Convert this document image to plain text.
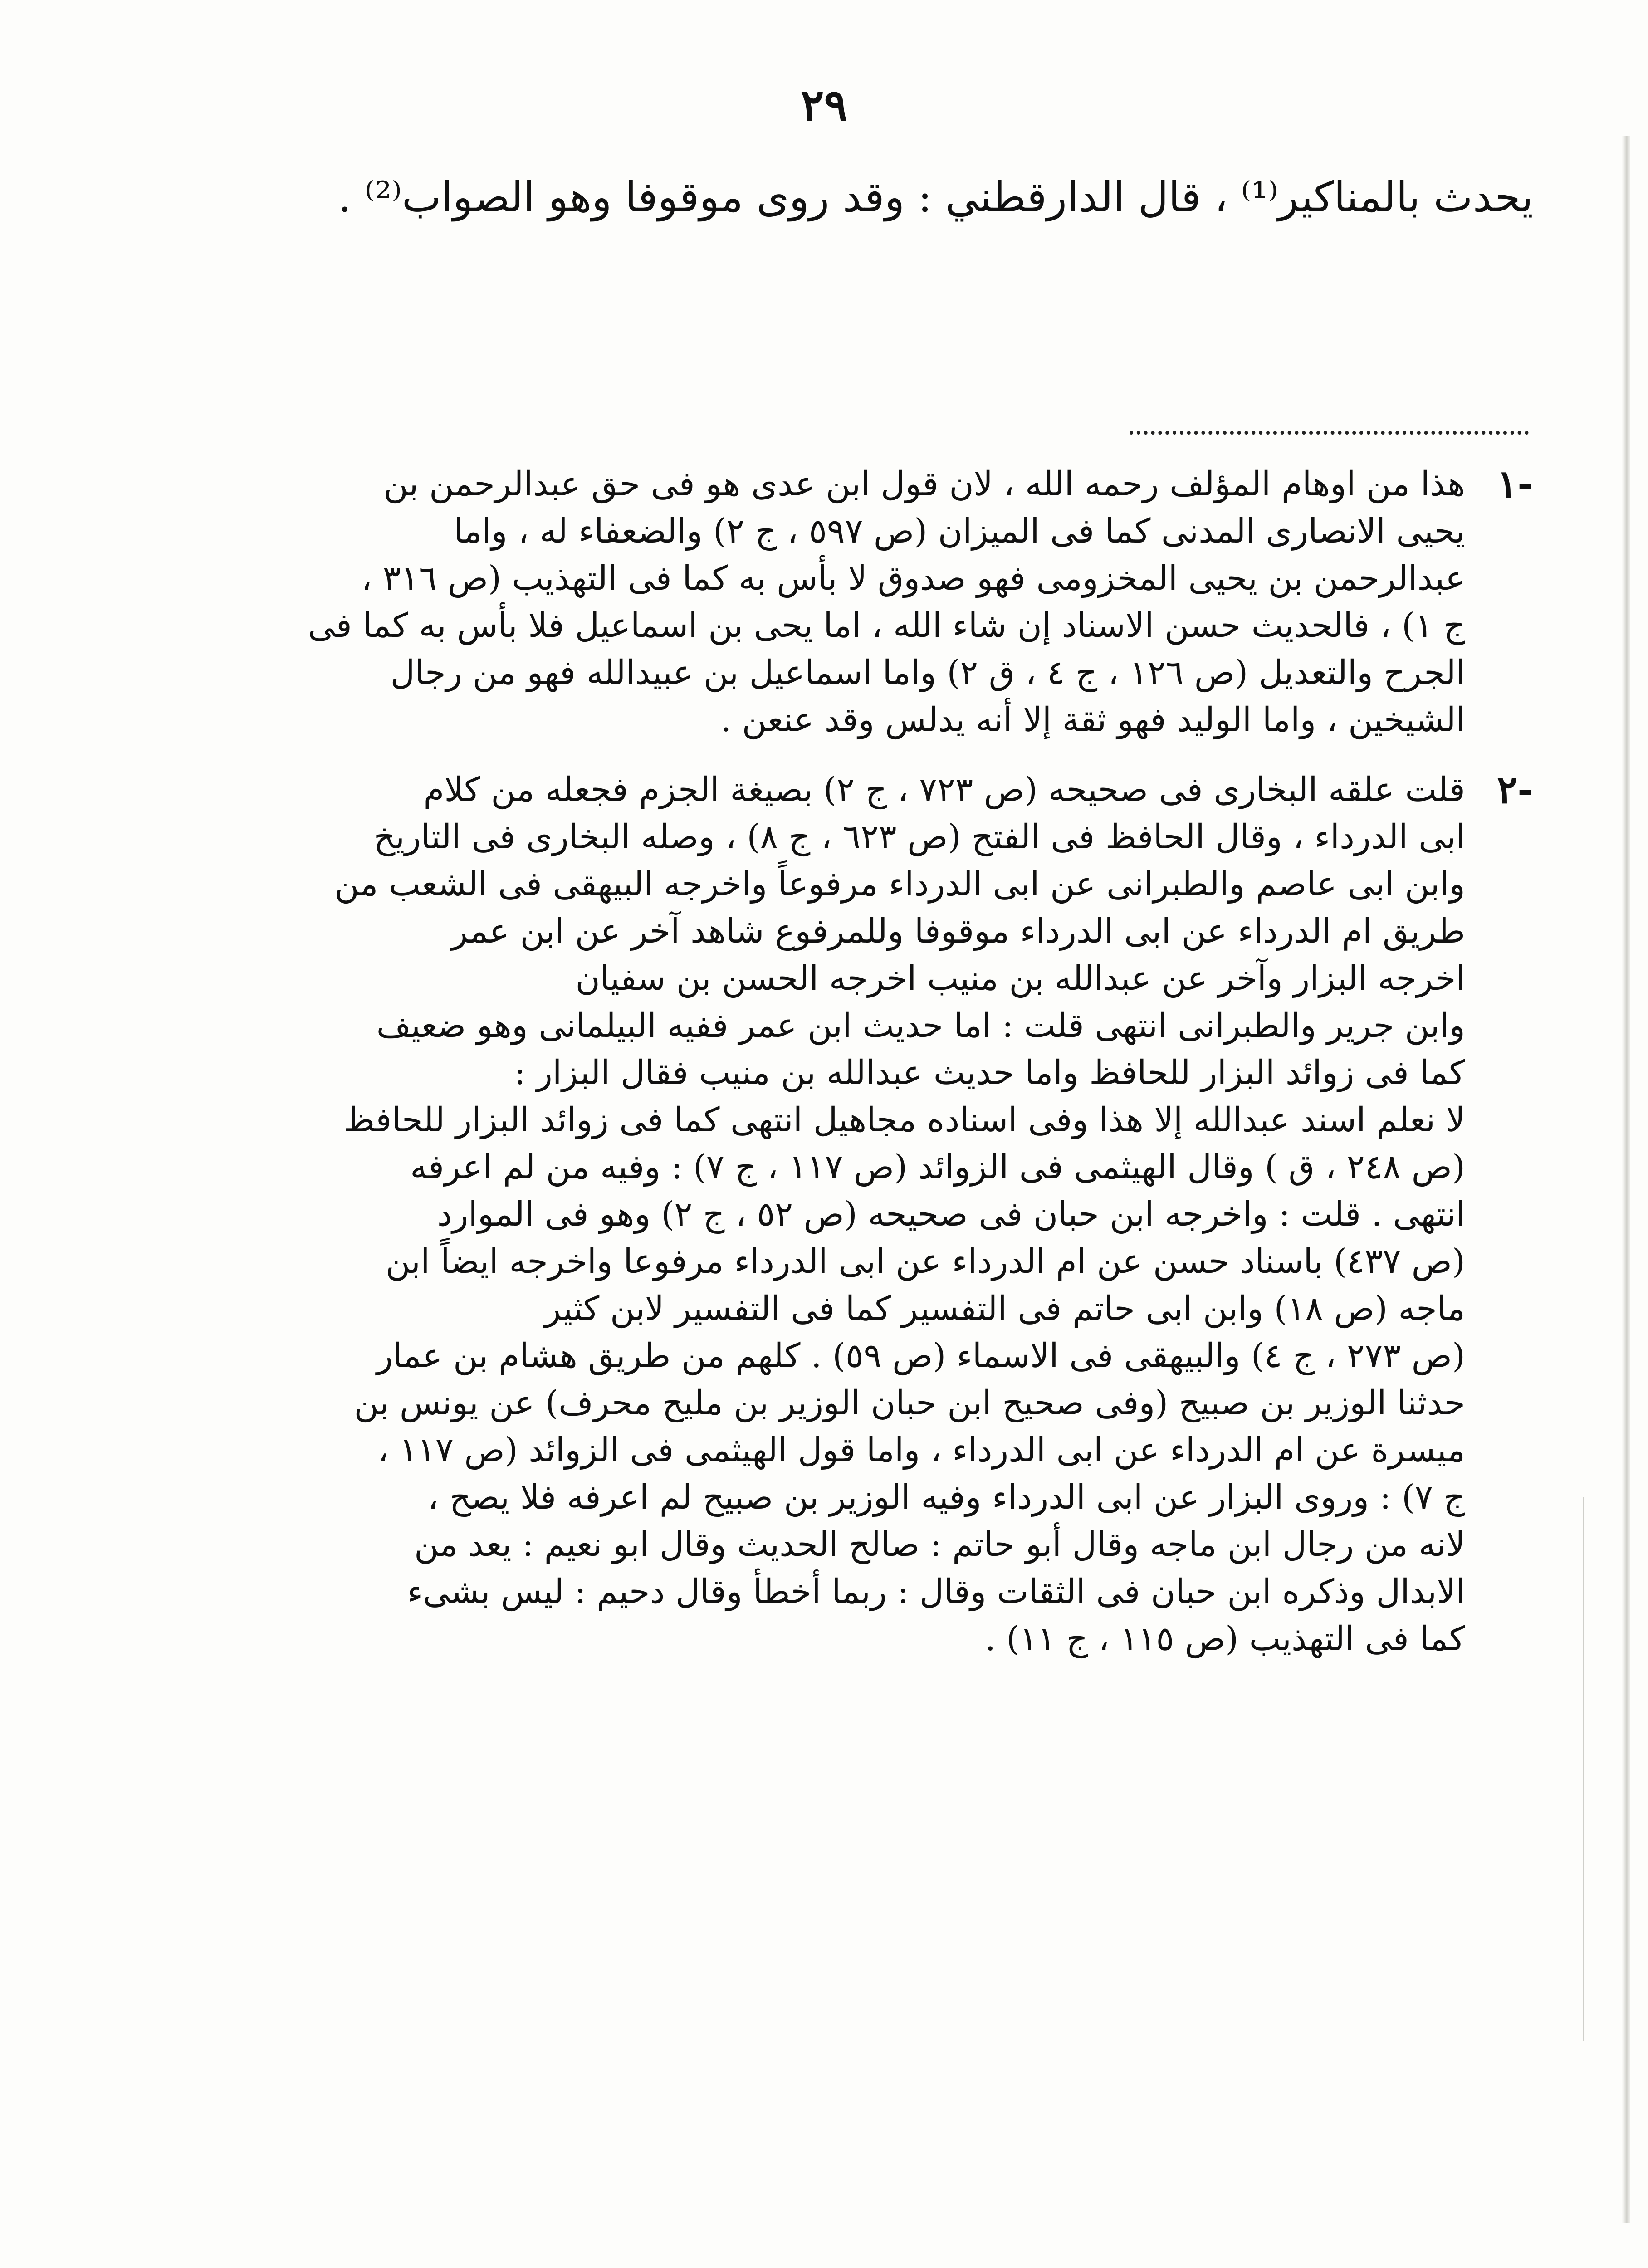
٢٩
يحدث بالمناكير⁽¹⁾ ، قال الدارقطني : وقد روى موقوفا وهو الصواب⁽²⁾ .
-١
هذا من اوهام المؤلف رحمه الله ، لان قول ابن عدى هو فى حق عبدالرحمن بن
يحيى الانصارى المدنى كما فى الميزان (ص ٥٩٧ ، ج ٢) والضعفاء له ، واما
عبدالرحمن بن يحيى المخزومى فهو صدوق لا بأس به كما فى التهذيب (ص ٣١٦ ،
ج ١) ، فالحديث حسن الاسناد إن شاء الله ، اما يحى بن اسماعيل فلا بأس به كما فى
الجرح والتعديل (ص ١٢٦ ، ج ٤ ، ق ٢) واما اسماعيل بن عبيدالله فهو من رجال
الشيخين ، واما الوليد فهو ثقة إلا أنه يدلس وقد عنعن .
-٢
قلت علقه البخارى فى صحيحه (ص ٧٢٣ ، ج ٢) بصيغة الجزم فجعله من كلام
ابى الدرداء ، وقال الحافظ فى الفتح (ص ٦٢٣ ، ج ٨) ، وصله البخارى فى التاريخ
وابن ابى عاصم والطبرانى عن ابى الدرداء مرفوعاً واخرجه البيهقى فى الشعب من
طريق ام الدرداء عن ابى الدرداء موقوفا وللمرفوع شاهد آخر عن ابن عمر
اخرجه البزار وآخر عن عبدالله بن منيب اخرجه الحسن بن سفيان
وابن جرير والطبرانى انتهى قلت : اما حديث ابن عمر ففيه البيلمانى وهو ضعيف
كما فى زوائد البزار للحافظ واما حديث عبدالله بن منيب فقال البزار :
لا نعلم اسند عبدالله إلا هذا وفى اسناده مجاهيل انتهى كما فى زوائد البزار للحافظ
(ص ٢٤٨ ، ق ) وقال الهيثمى فى الزوائد (ص ١١٧ ، ج ٧) : وفيه من لم اعرفه
انتهى . قلت : واخرجه ابن حبان فى صحيحه (ص ٥٢ ، ج ٢) وهو فى الموارد
(ص ٤٣٧) باسناد حسن عن ام الدرداء عن ابى الدرداء مرفوعا واخرجه ايضاً ابن
ماجه (ص ١٨) وابن ابى حاتم فى التفسير كما فى التفسير لابن كثير
(ص ٢٧٣ ، ج ٤) والبيهقى فى الاسماء (ص ٥٩) . كلهم من طريق هشام بن عمار
حدثنا الوزير بن صبيح (وفى صحيح ابن حبان الوزير بن مليح محرف) عن يونس بن
ميسرة عن ام الدرداء عن ابى الدرداء ، واما قول الهيثمى فى الزوائد (ص ١١٧ ،
ج ٧) : وروى البزار عن ابى الدرداء وفيه الوزير بن صبيح لم اعرفه فلا يصح ،
لانه من رجال ابن ماجه وقال أبو حاتم : صالح الحديث وقال ابو نعيم : يعد من
الابدال وذكره ابن حبان فى الثقات وقال : ربما أخطأ وقال دحيم : ليس بشىء
كما فى التهذيب (ص ١١٥ ، ج ١١) .
